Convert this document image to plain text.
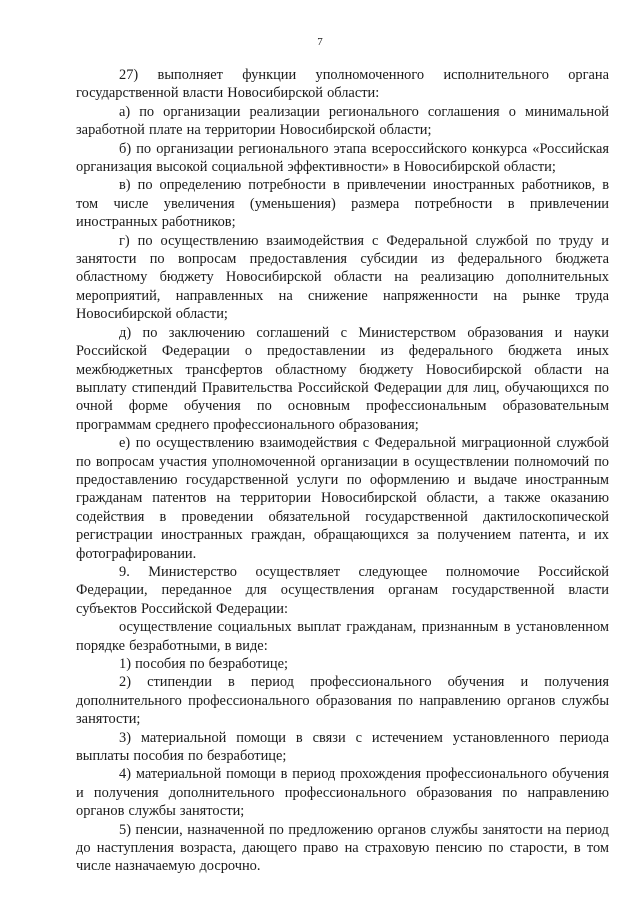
7

27) выполняет функции уполномоченного исполнительного органа государственной власти Новосибирской области:

а) по организации реализации регионального соглашения о минимальной заработной плате на территории Новосибирской области;

б) по организации регионального этапа всероссийского конкурса «Российская организация высокой социальной эффективности» в Новосибирской области;

в) по определению потребности в привлечении иностранных работников, в том числе увеличения (уменьшения) размера потребности в привлечении иностранных работников;

г) по осуществлению взаимодействия с Федеральной службой по труду и занятости по вопросам предоставления субсидии из федерального бюджета областному бюджету Новосибирской области на реализацию дополнительных мероприятий, направленных на снижение напряженности на рынке труда Новосибирской области;

д) по заключению соглашений с Министерством образования и науки Российской Федерации о предоставлении из федерального бюджета иных межбюджетных трансфертов областному бюджету Новосибирской области на выплату стипендий Правительства Российской Федерации для лиц, обучающихся по очной форме обучения по основным профессиональным образовательным программам среднего профессионального образования;

е) по осуществлению взаимодействия с Федеральной миграционной службой по вопросам участия уполномоченной организации в осуществлении полномочий по предоставлению государственной услуги по оформлению и выдаче иностранным гражданам патентов на территории Новосибирской области, а также оказанию содействия в проведении обязательной государственной дактилоскопической регистрации иностранных граждан, обращающихся за получением патента, и их фотографировании.

9. Министерство осуществляет следующее полномочие Российской Федерации, переданное для осуществления органам государственной власти субъектов Российской Федерации:

осуществление социальных выплат гражданам, признанным в установленном порядке безработными, в виде:

1) пособия по безработице;

2) стипендии в период профессионального обучения и получения дополнительного профессионального образования по направлению органов службы занятости;

3) материальной помощи в связи с истечением установленного периода выплаты пособия по безработице;

4) материальной помощи в период прохождения профессионального обучения и получения дополнительного профессионального образования по направлению органов службы занятости;

5) пенсии, назначенной по предложению органов службы занятости на период до наступления возраста, дающего право на страховую пенсию по старости, в том числе назначаемую досрочно.
